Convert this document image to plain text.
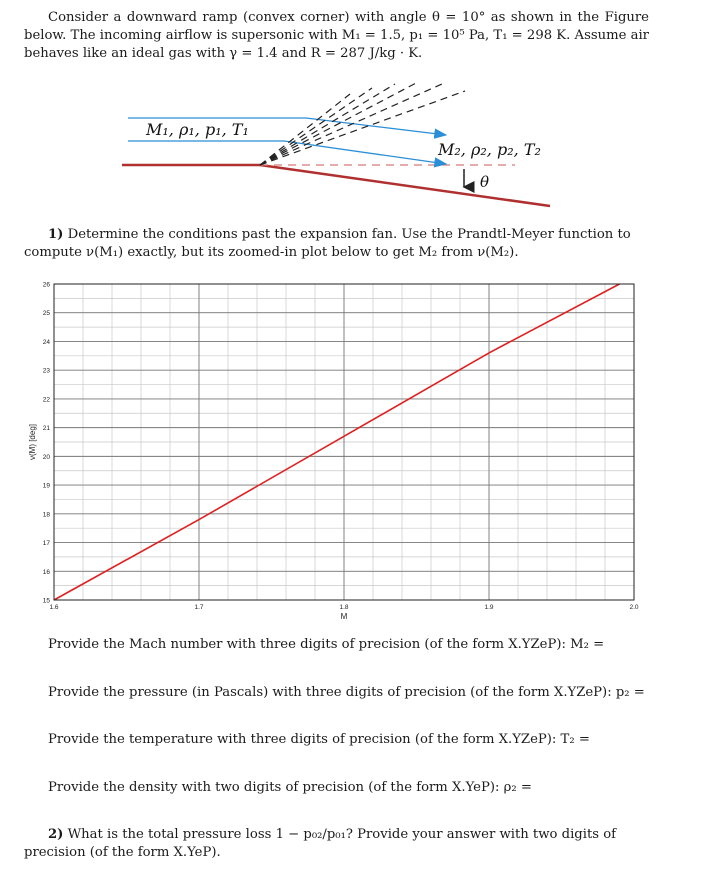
Consider a downward ramp (convex corner) with angle θ = 10° as shown in the Figure below. The incoming airflow is supersonic with M₁ = 1.5, p₁ = 10⁵ Pa, T₁ = 298 K. Assume air behaves like an ideal gas with γ = 1.4 and R = 287 J/kg · K.
θ
M₁, ρ₁, p₁, T₁
M₂, ρ₂, p₂, T₂
1) Determine the conditions past the expansion fan. Use the Prandtl-Meyer function to compute ν(M₁) exactly, but its zoomed-in plot below to get M₂ from ν(M₂).
15
16
17
18
19
20
21
22
23
24
25
26
1.6	1.7	1.8	1.9	2.0
M
ν(M) [deg]
Provide the Mach number with three digits of precision (of the form X.YZeP): M₂ =
Provide the pressure (in Pascals) with three digits of precision (of the form X.YZeP): p₂ =
Provide the temperature with three digits of precision (of the form X.YZeP): T₂ =
Provide the density with two digits of precision (of the form X.YeP): ρ₂ =
2) What is the total pressure loss 1 − p₀₂/p₀₁? Provide your answer with two digits of precision (of the form X.YeP).
